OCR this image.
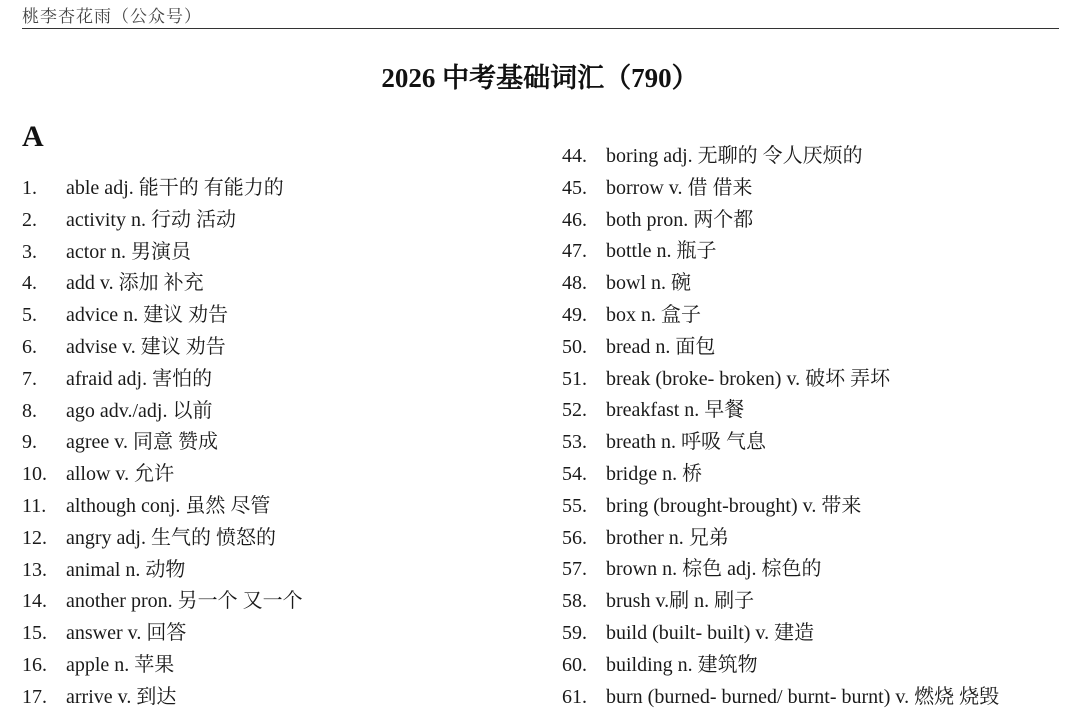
桃李杏花雨（公众号）
2026 中考基础词汇（790）
A
1.	able adj. 能干的 有能力的
2.	activity n. 行动 活动
3.	actor n. 男演员
4.	add v. 添加 补充
5.	advice n. 建议 劝告
6.	advise v. 建议 劝告
7.	afraid adj. 害怕的
8.	ago adv./adj. 以前
9.	agree v. 同意 赞成
10. allow v. 允许
11. although conj. 虽然 尽管
12. angry adj. 生气的 愤怒的
13. animal n. 动物
14. another pron. 另一个 又一个
15. answer v. 回答
16. apple n. 苹果
17. arrive v. 到达
44. boring adj. 无聊的 令人厌烦的
45. borrow v. 借 借来
46. both pron. 两个都
47. bottle n. 瓶子
48. bowl n. 碗
49. box n. 盒子
50. bread n. 面包
51. break (broke- broken) v. 破坏 弄坏
52. breakfast n. 早餐
53. breath n. 呼吸 气息
54. bridge n. 桥
55. bring (brought-brought) v. 带来
56. brother n. 兄弟
57. brown n. 棕色 adj. 棕色的
58. brush v.刷 n. 刷子
59. build (built- built) v. 建造
60. building n. 建筑物
61. burn (burned- burned/ burnt- burnt) v. 燃烧 烧毁
